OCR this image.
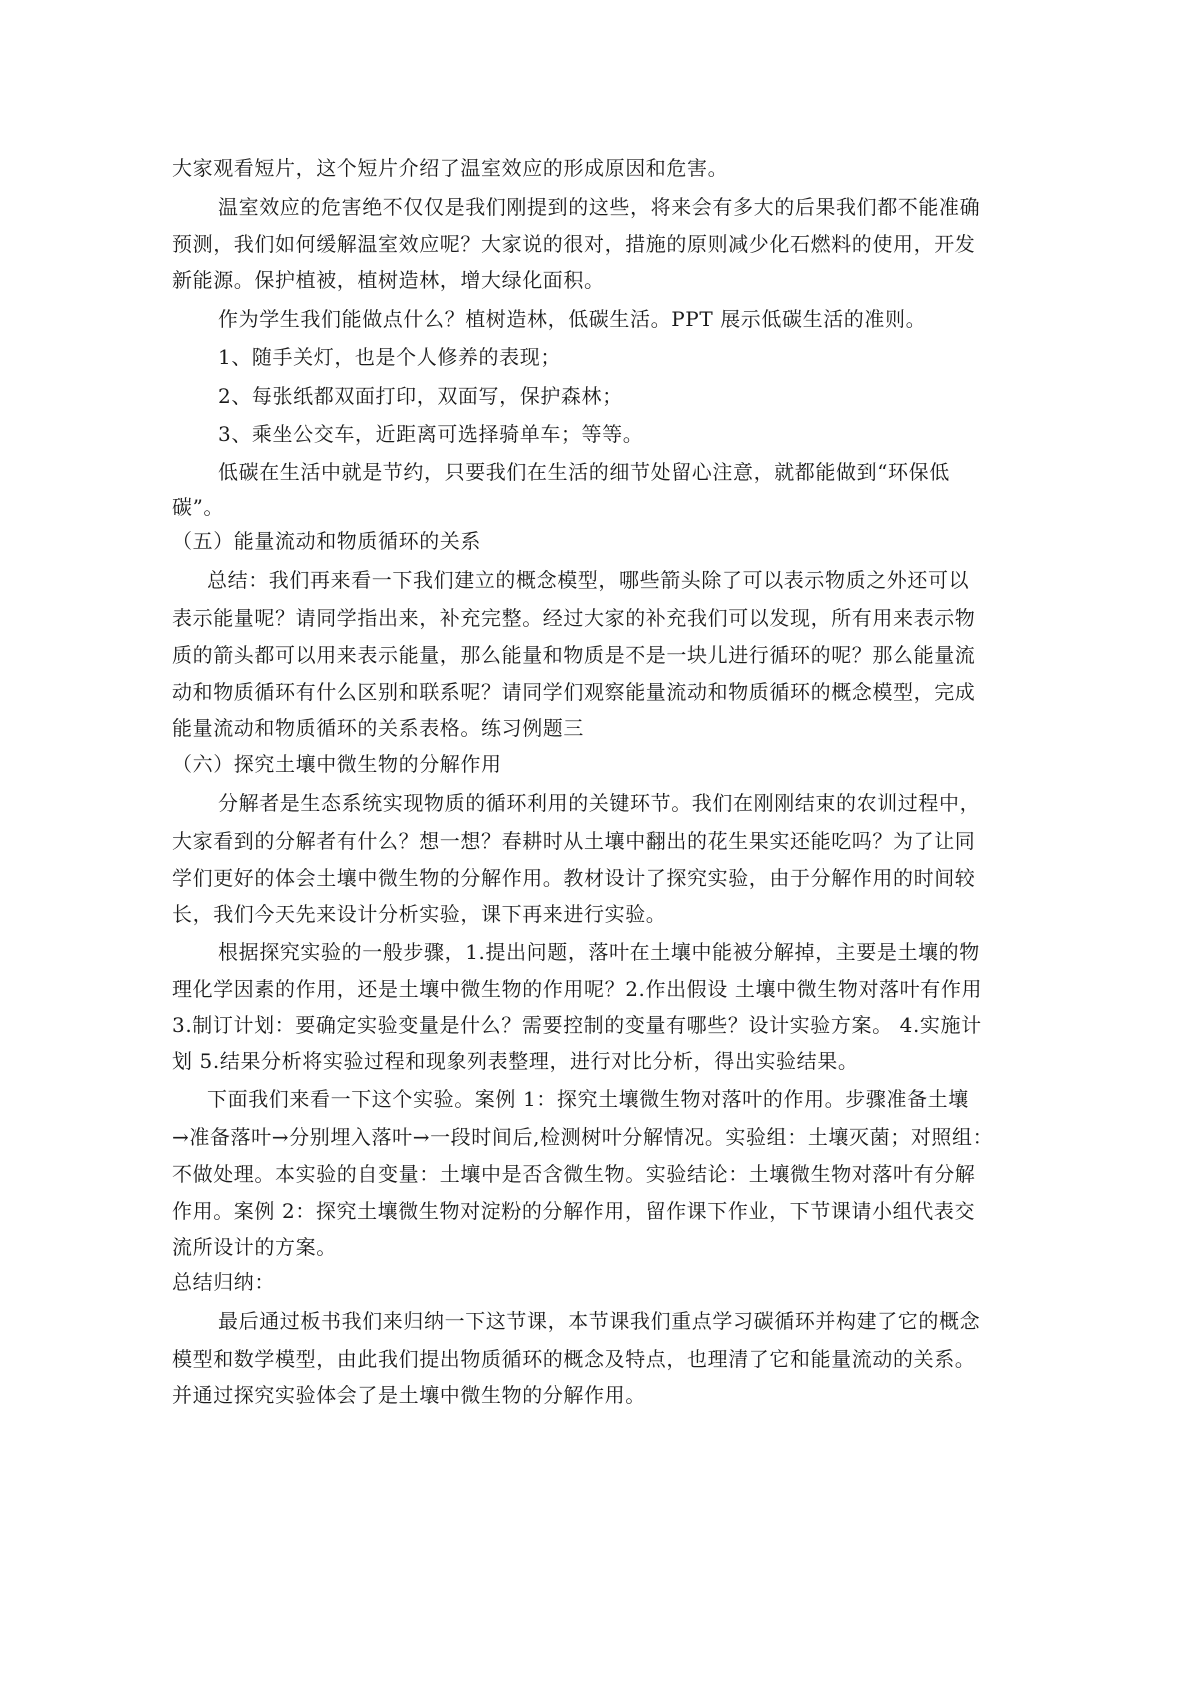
大家观看短片，这个短片介绍了温室效应的形成原因和危害。
温室效应的危害绝不仅仅是我们刚提到的这些，将来会有多大的后果我们都不能准确
预测，我们如何缓解温室效应呢？大家说的很对，措施的原则减少化石燃料的使用，开发
新能源。保护植被，植树造林，增大绿化面积。
作为学生我们能做点什么？植树造林，低碳生活。PPT 展示低碳生活的准则。
1、随手关灯，也是个人修养的表现；
2、每张纸都双面打印，双面写，保护森林；
3、乘坐公交车，近距离可选择骑单车；等等。
低碳在生活中就是节约，只要我们在生活的细节处留心注意，就都能做到“环保低
碳”。
（五）能量流动和物质循环的关系
总结：我们再来看一下我们建立的概念模型，哪些箭头除了可以表示物质之外还可以
表示能量呢？请同学指出来，补充完整。经过大家的补充我们可以发现，所有用来表示物
质的箭头都可以用来表示能量，那么能量和物质是不是一块儿进行循环的呢？那么能量流
动和物质循环有什么区别和联系呢？请同学们观察能量流动和物质循环的概念模型，完成
能量流动和物质循环的关系表格。练习例题三
（六）探究土壤中微生物的分解作用
分解者是生态系统实现物质的循环利用的关键环节。我们在刚刚结束的农训过程中，
大家看到的分解者有什么？想一想？春耕时从土壤中翻出的花生果实还能吃吗？为了让同
学们更好的体会土壤中微生物的分解作用。教材设计了探究实验，由于分解作用的时间较
长，我们今天先来设计分析实验，课下再来进行实验。
根据探究实验的一般步骤，1.提出问题，落叶在土壤中能被分解掉，主要是土壤的物
理化学因素的作用，还是土壤中微生物的作用呢？2.作出假设 土壤中微生物对落叶有作用
3.制订计划：要确定实验变量是什么？需要控制的变量有哪些？设计实验方案。 4.实施计
划 5.结果分析将实验过程和现象列表整理，进行对比分析，得出实验结果。
下面我们来看一下这个实验。案例 1：探究土壤微生物对落叶的作用。步骤准备土壤
→准备落叶→分别埋入落叶→一段时间后,检测树叶分解情况。实验组：土壤灭菌；对照组：
不做处理。本实验的自变量：土壤中是否含微生物。实验结论：土壤微生物对落叶有分解
作用。案例 2：探究土壤微生物对淀粉的分解作用，留作课下作业，下节课请小组代表交
流所设计的方案。
总结归纳：
最后通过板书我们来归纳一下这节课，本节课我们重点学习碳循环并构建了它的概念
模型和数学模型，由此我们提出物质循环的概念及特点，也理清了它和能量流动的关系。
并通过探究实验体会了是土壤中微生物的分解作用。
